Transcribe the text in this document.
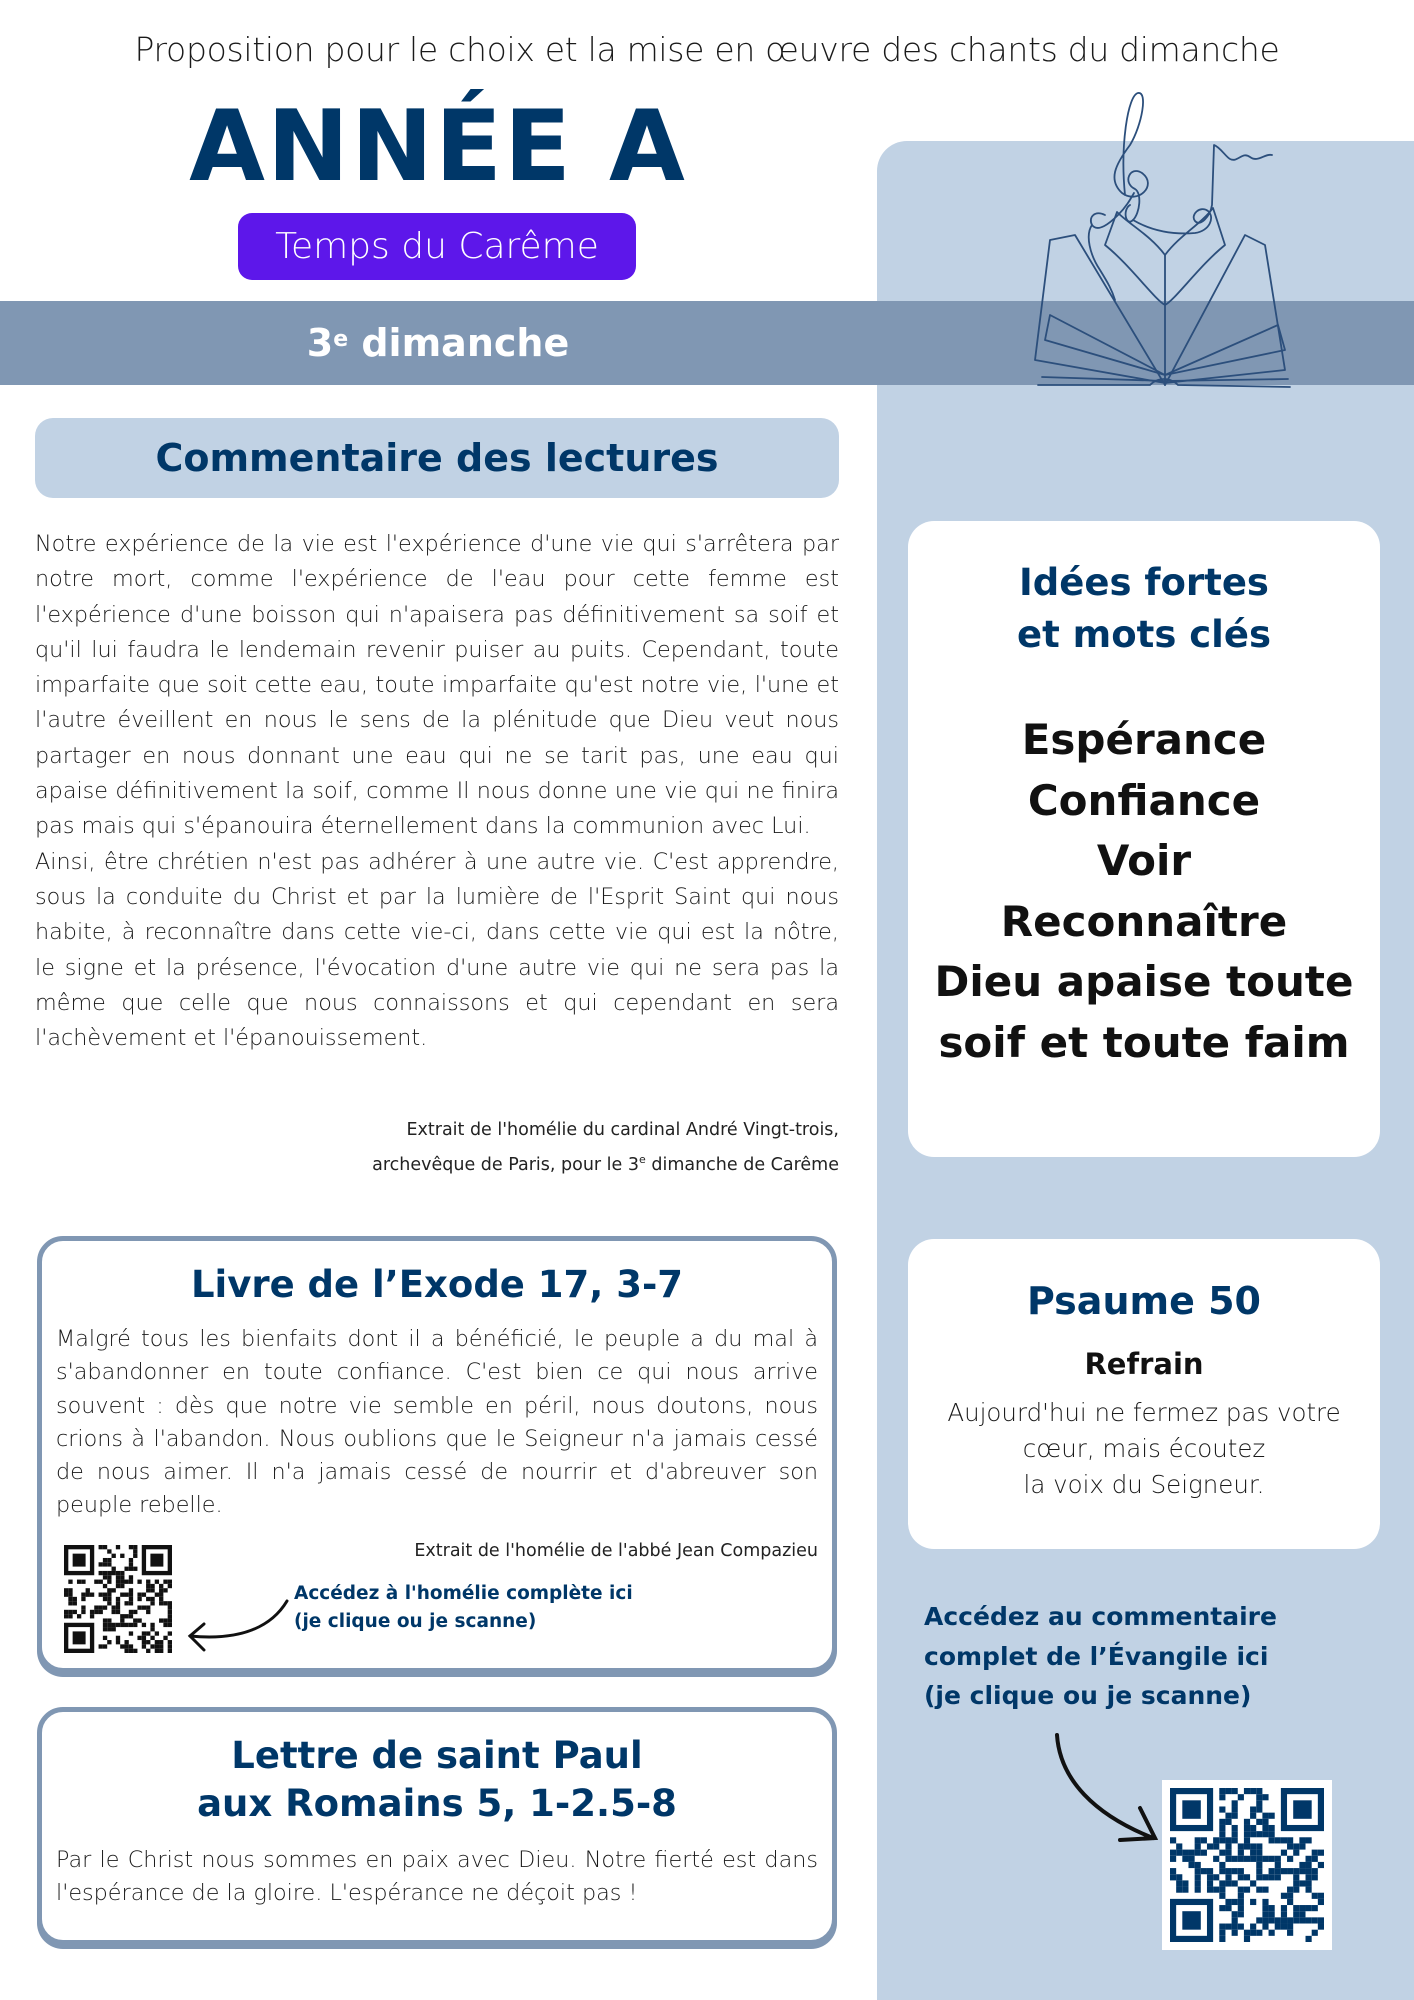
Proposition pour le choix et la mise en œuvre des chants du dimanche
ANNÉE A
Temps du Carême
3e dimanche
Commentaire des lectures

Notre expérience de la vie est l'expérience d'une vie qui s'arrêtera par notre mort, comme l'expérience de l'eau pour cette femme est l'expérience d'une boisson qui n'apaisera pas définitivement sa soif et qu'il lui faudra le lendemain revenir puiser au puits. Cependant, toute imparfaite que soit cette eau, toute imparfaite qu'est notre vie, l'une et l'autre éveillent en nous le sens de la plénitude que Dieu veut nous partager en nous donnant une eau qui ne se tarit pas, une eau qui apaise définitivement la soif, comme Il nous donne une vie qui ne finira pas mais qui s'épanouira éternellement dans la communion avec Lui.

Ainsi, être chrétien n'est pas adhérer à une autre vie. C'est apprendre, sous la conduite du Christ et par la lumière de l'Esprit Saint qui nous habite, à reconnaître dans cette vie-ci, dans cette vie qui est la nôtre, le signe et la présence, l'évocation d'une autre vie qui ne sera pas la même que celle que nous connaissons et qui cependant en sera l'achèvement et l'épanouissement.

Extrait de l'homélie du cardinal André Vingt-trois,
archevêque de Paris, pour le 3e dimanche de Carême
Livre de l’Exode 17, 3-7
Malgré tous les bienfaits dont il a bénéficié, le peuple a du mal à s'abandonner en toute confiance. C'est bien ce qui nous arrive souvent : dès que notre vie semble en péril, nous doutons, nous crions à l'abandon. Nous oublions que le Seigneur n'a jamais cessé de nous aimer. Il n'a jamais cessé de nourrir et d'abreuver son peuple rebelle.
Extrait de l'homélie de l'abbé Jean Compazieu
Accédez à l'homélie complète ici
(je clique ou je scanne)
Lettre de saint Paul
aux Romains 5, 1-2.5-8
Par le Christ nous sommes en paix avec Dieu. Notre fierté est dans l'espérance de la gloire. L'espérance ne déçoit pas !
Idées fortes
et mots clés
Espérance
Confiance
Voir
Reconnaître
Dieu apaise toute
soif et toute faim
Psaume 50
Refrain
Aujourd'hui ne fermez pas votre
cœur, mais écoutez
la voix du Seigneur.
Accédez au commentaire
complet de l’Évangile ici
(je clique ou je scanne)
